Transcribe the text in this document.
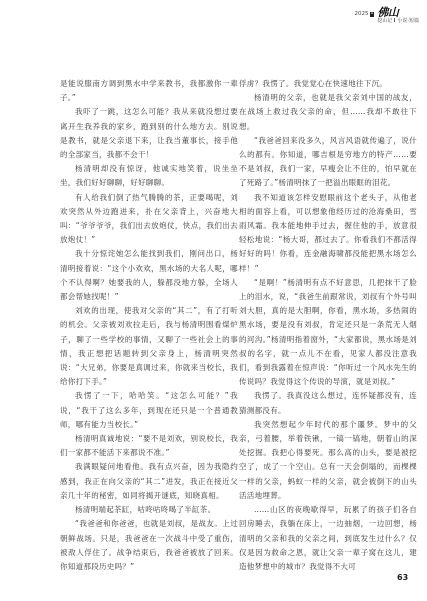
2025 1 佛山
挖山记 小说·短篇

是能说服南方调到黑水中学来教书，我都激你一辈子。”

我吓了一跳，这怎么可能？我从来就没想过要离开生我养我的家乡，跑到别的什么地方去。别说是教书，就是父亲退下来，让我当董事长，接手他的全部家当，我都不会干！

杨清明却没有惊讶，他诚实地笑着，说坐坐坐，我们好好聊聊，好好聊聊。

有人给我们倒了热气腾腾的茶，正要喝呢，刘欢突然从外边跑进来，扑在父亲背上，兴奋地大叫：“爷爷爷爷，我们出去放炮仗，快点，我们出去放炮仗！”

我十分惊诧她怎么能找到我们，刚问出口，杨清明接着说：“这个小欢欢，黑水场的大名人呢，哪个不认得啊？她要我的人，躲都没地方躲，全场人都会帮她找呢！”

刘欢的出现，使我对父亲的“其二”，有了打听的机会。父亲被刘欢拉走后，我与杨清明围看煤炉子，聊了一些学校的事情，又聊了一些社会上的事情，我正想把话题转到父亲身上，杨清明突然说：“大兄弟，你要是真调过来，你就来当校长，我给你打下手。”

我愣了一下，哈哈笑。“这怎么可能？”我说，“我干了这么多年，到现在还只是一个普通教师，哪有能力当校长。”

杨清明真诚地说：“要不是刘欢，别说校长，我们一家都不能活下来都说不准。”

我满眼疑问地看他。我有点兴奋，因为我隐约感到，我正在向父亲的“其二”进发，我正在接近父亲几十年的秘密，如同将揭开谜底，知晓真相。

杨清明端起茶缸，咕咚咕咚喝了半缸茶。

“我爸爸和你爸爸，也就是刘叔，是战友。上过朝鲜战场。只是，我爸爸在一次战斗中受了重伤，被敌人俘住了。战争结束后，我爸爸被放了回来。你知道那段历史吗？”

俘虏？我愣了。我觉觉心在快速地往下沉。

杨清明的父亲，也就是我父亲刘中国的战友，在战场上救过我父亲的命，但……我却不敢往下想。

“我爸爸回来没多久，风言风语就传遍了，说什么的都有。你知道，哪吉根是穷地方的特产……要不是刘叔，我们一家，早瘦会让不住的，怕早就在了死路了。”杨清明抹了一把溢出眼眶的泪花。

我不知道该怎样安慰眼前这个老头子，从他老相的面容上看，可以想象他经历过的沧海桑田，雪雨风霜。我本能地伸手过去，握住他的手，放意很轻松地说：“杨大哥，都过去了。你看我们不都活得好好的吗！你看，连金融海啸都没能把黑水场怎么样！”

“是啊！”杨清明有点不好意思，几把抹干了脸上的泪水，说，“我爸生前跟常说，刘叔有个外号叫刘大胆，真的是大胆啊，你看，黑水场，多热闹的黑水场，要是没有刘叔，肯定还只是一条荒无人烟的河沟。”杨清明指着窗外，“大家都说，黑水场是刘叔的名字，就一点儿不在看，见家人都没注意我们，看到我露着在惊声说：“你听过一个风水先生的传说吗？我觉得这个传说的导演，就是刘叔。”

我愣了。我真没这么想过，连怀疑都没有，连猜测都没有。

我突然想起少年时代的那个噩梦。梦中的父亲，弓着腰，举着铁锹，一镐一镐地，朝着山的深处挖掘。我把心得要死。那么高的山头，要是被挖空了，成了一个空山。总有一天会倒塌的，而棵棵一样的父亲，蚂蚁一样的父亲，就会被倒下的山头活活地埋葬。

……山区的夜晚歇得早，玩累了的孩子们各自回房睡去，我躺在床上，一边抽烟，一边回想，杨清明的父亲和我的父亲之间，到底发生过什么？仅仅是因为救命之恩，就让父亲一辈子窝在这儿，建造他梦想中的城市？我觉得不大可

63
